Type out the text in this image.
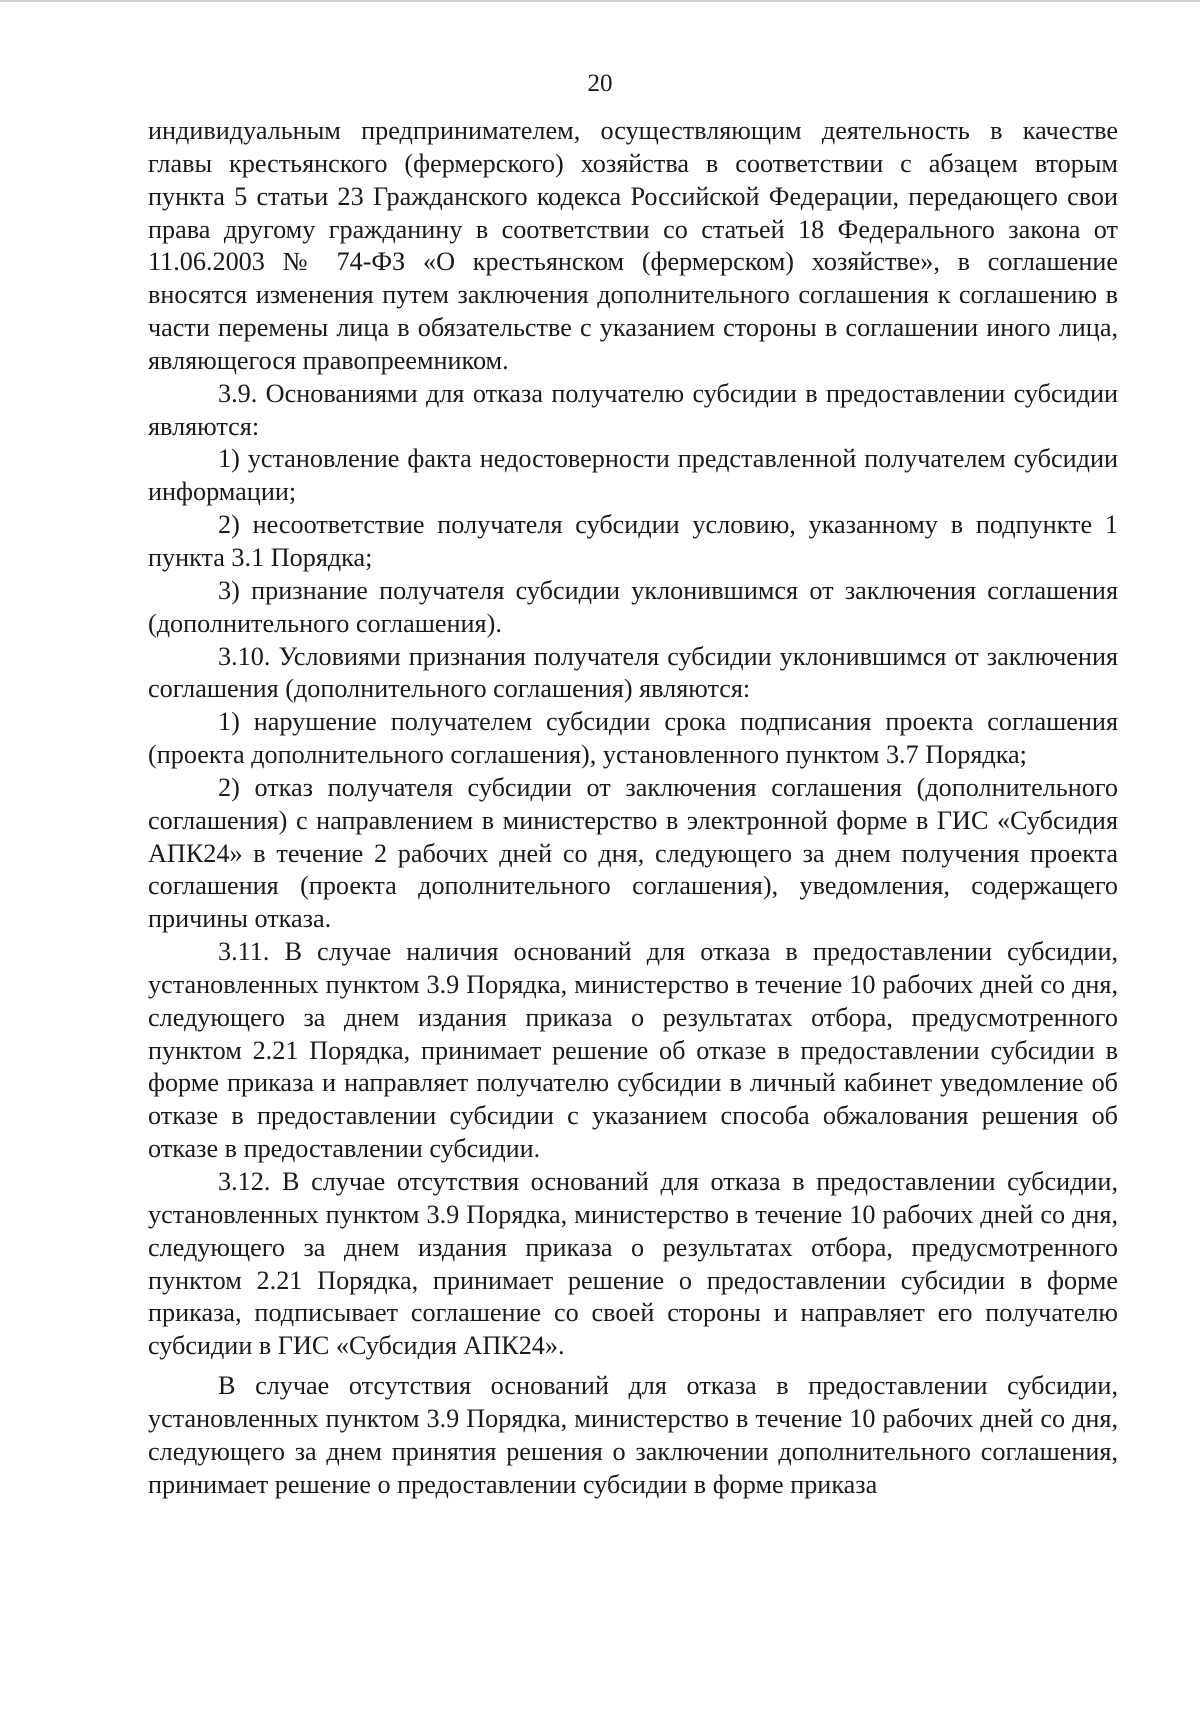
20

индивидуальным предпринимателем, осуществляющим деятельность в качестве главы крестьянского (фермерского) хозяйства в соответствии с абзацем вторым пункта 5 статьи 23 Гражданского кодекса Российской Федерации, передающего свои права другому гражданину в соответствии со статьей 18 Федерального закона от 11.06.2003 № 74-ФЗ «О крестьянском (фермерском) хозяйстве», в соглашение вносятся изменения путем заключения дополнительного соглашения к соглашению в части перемены лица в обязательстве с указанием стороны в соглашении иного лица, являющегося правопреемником.

3.9. Основаниями для отказа получателю субсидии в предоставлении субсидии являются:

1) установление факта недостоверности представленной получателем субсидии информации;

2) несоответствие получателя субсидии условию, указанному в подпункте 1 пункта 3.1 Порядка;

3) признание получателя субсидии уклонившимся от заключения соглашения (дополнительного соглашения).

3.10. Условиями признания получателя субсидии уклонившимся от заключения соглашения (дополнительного соглашения) являются:

1) нарушение получателем субсидии срока подписания проекта соглашения (проекта дополнительного соглашения), установленного пунктом 3.7 Порядка;

2) отказ получателя субсидии от заключения соглашения (дополнительного соглашения) с направлением в министерство в электронной форме в ГИС «Субсидия АПК24» в течение 2 рабочих дней со дня, следующего за днем получения проекта соглашения (проекта дополнительного соглашения), уведомления, содержащего причины отказа.

3.11. В случае наличия оснований для отказа в предоставлении субсидии, установленных пунктом 3.9 Порядка, министерство в течение 10 рабочих дней со дня, следующего за днем издания приказа о результатах отбора, предусмотренного пунктом 2.21 Порядка, принимает решение об отказе в предоставлении субсидии в форме приказа и направляет получателю субсидии в личный кабинет уведомление об отказе в предоставлении субсидии с указанием способа обжалования решения об отказе в предоставлении субсидии.

3.12. В случае отсутствия оснований для отказа в предоставлении субсидии, установленных пунктом 3.9 Порядка, министерство в течение 10 рабочих дней со дня, следующего за днем издания приказа о результатах отбора, предусмотренного пунктом 2.21 Порядка, принимает решение о предоставлении субсидии в форме приказа, подписывает соглашение со своей стороны и направляет его получателю субсидии в ГИС «Субсидия АПК24».

В случае отсутствия оснований для отказа в предоставлении субсидии, установленных пунктом 3.9 Порядка, министерство в течение 10 рабочих дней со дня, следующего за днем принятия решения о заключении дополнительного соглашения, принимает решение о предоставлении субсидии в форме приказа
